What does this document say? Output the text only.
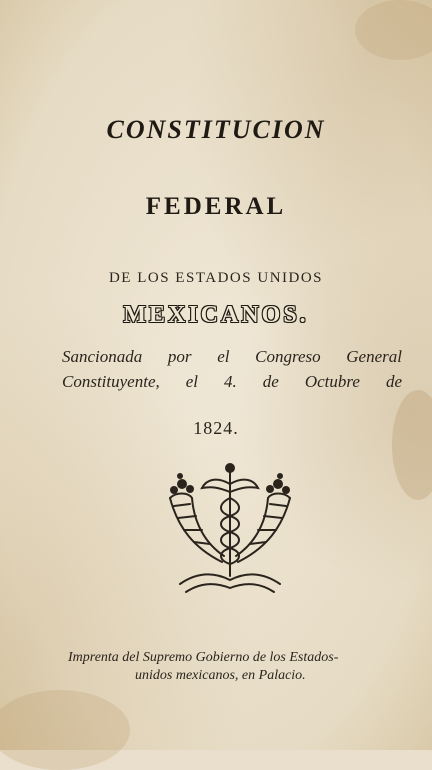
CONSTITUCION

FEDERAL

DE LOS ESTADOS UNIDOS

MEXICANOS.

Sancionada por el Congreso General

Constituyente, el 4. de Octubre de

1824.

Imprenta del Supremo Gobierno de los Estados-

unidos mexicanos, en Palacio.
